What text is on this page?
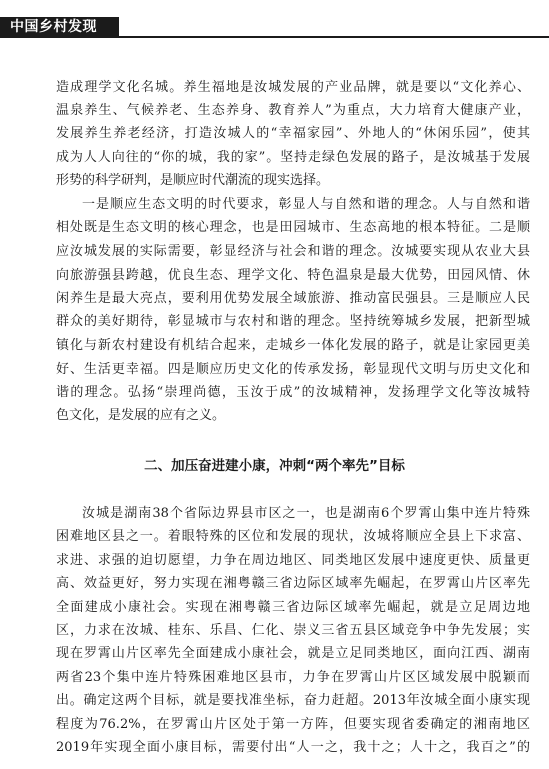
中国乡村发现
造成理学文化名城。养生福地是汝城发展的产业品牌，就是要以“文化养心、
温泉养生、气候养老、生态养身、教育养人”为重点，大力培育大健康产业，
发展养生养老经济，打造汝城人的“幸福家园”、外地人的“休闲乐园”，使其
成为人人向往的“你的城，我的家”。坚持走绿色发展的路子，是汝城基于发展
形势的科学研判，是顺应时代潮流的现实选择。
一是顺应生态文明的时代要求，彰显人与自然和谐的理念。人与自然和谐
相处既是生态文明的核心理念，也是田园城市、生态高地的根本特征。二是顺
应汝城发展的实际需要，彰显经济与社会和谐的理念。汝城要实现从农业大县
向旅游强县跨越，优良生态、理学文化、特色温泉是最大优势，田园风情、休
闲养生是最大亮点，要利用优势发展全域旅游、推动富民强县。三是顺应人民
群众的美好期待，彰显城市与农村和谐的理念。坚持统筹城乡发展，把新型城
镇化与新农村建设有机结合起来，走城乡一体化发展的路子，就是让家园更美
好、生活更幸福。四是顺应历史文化的传承发扬，彰显现代文明与历史文化和
谐的理念。弘扬“崇理尚德，玉汝于成”的汝城精神，发扬理学文化等汝城特
色文化，是发展的应有之义。
二、加压奋进建小康，冲刺“两个率先”目标
汝城是湖南38个省际边界县市区之一，也是湖南6个罗霄山集中连片特殊
困难地区县之一。着眼特殊的区位和发展的现状，汝城将顺应全县上下求富、
求进、求强的迫切愿望，力争在周边地区、同类地区发展中速度更快、质量更
高、效益更好，努力实现在湘粤赣三省边际区域率先崛起，在罗霄山片区率先
全面建成小康社会。实现在湘粤赣三省边际区域率先崛起，就是立足周边地
区，力求在汝城、桂东、乐昌、仁化、崇义三省五县区域竞争中争先发展；实
现在罗霄山片区率先全面建成小康社会，就是立足同类地区，面向江西、湖南
两省23个集中连片特殊困难地区县市，力争在罗霄山片区区域发展中脱颖而
出。确定这两个目标，就是要找准坐标，奋力赶超。2013年汝城全面小康实现
程度为76.2%，在罗霄山片区处于第一方阵，但要实现省委确定的湘南地区
2019年实现全面小康目标，需要付出“人一之，我十之；人十之，我百之”的
